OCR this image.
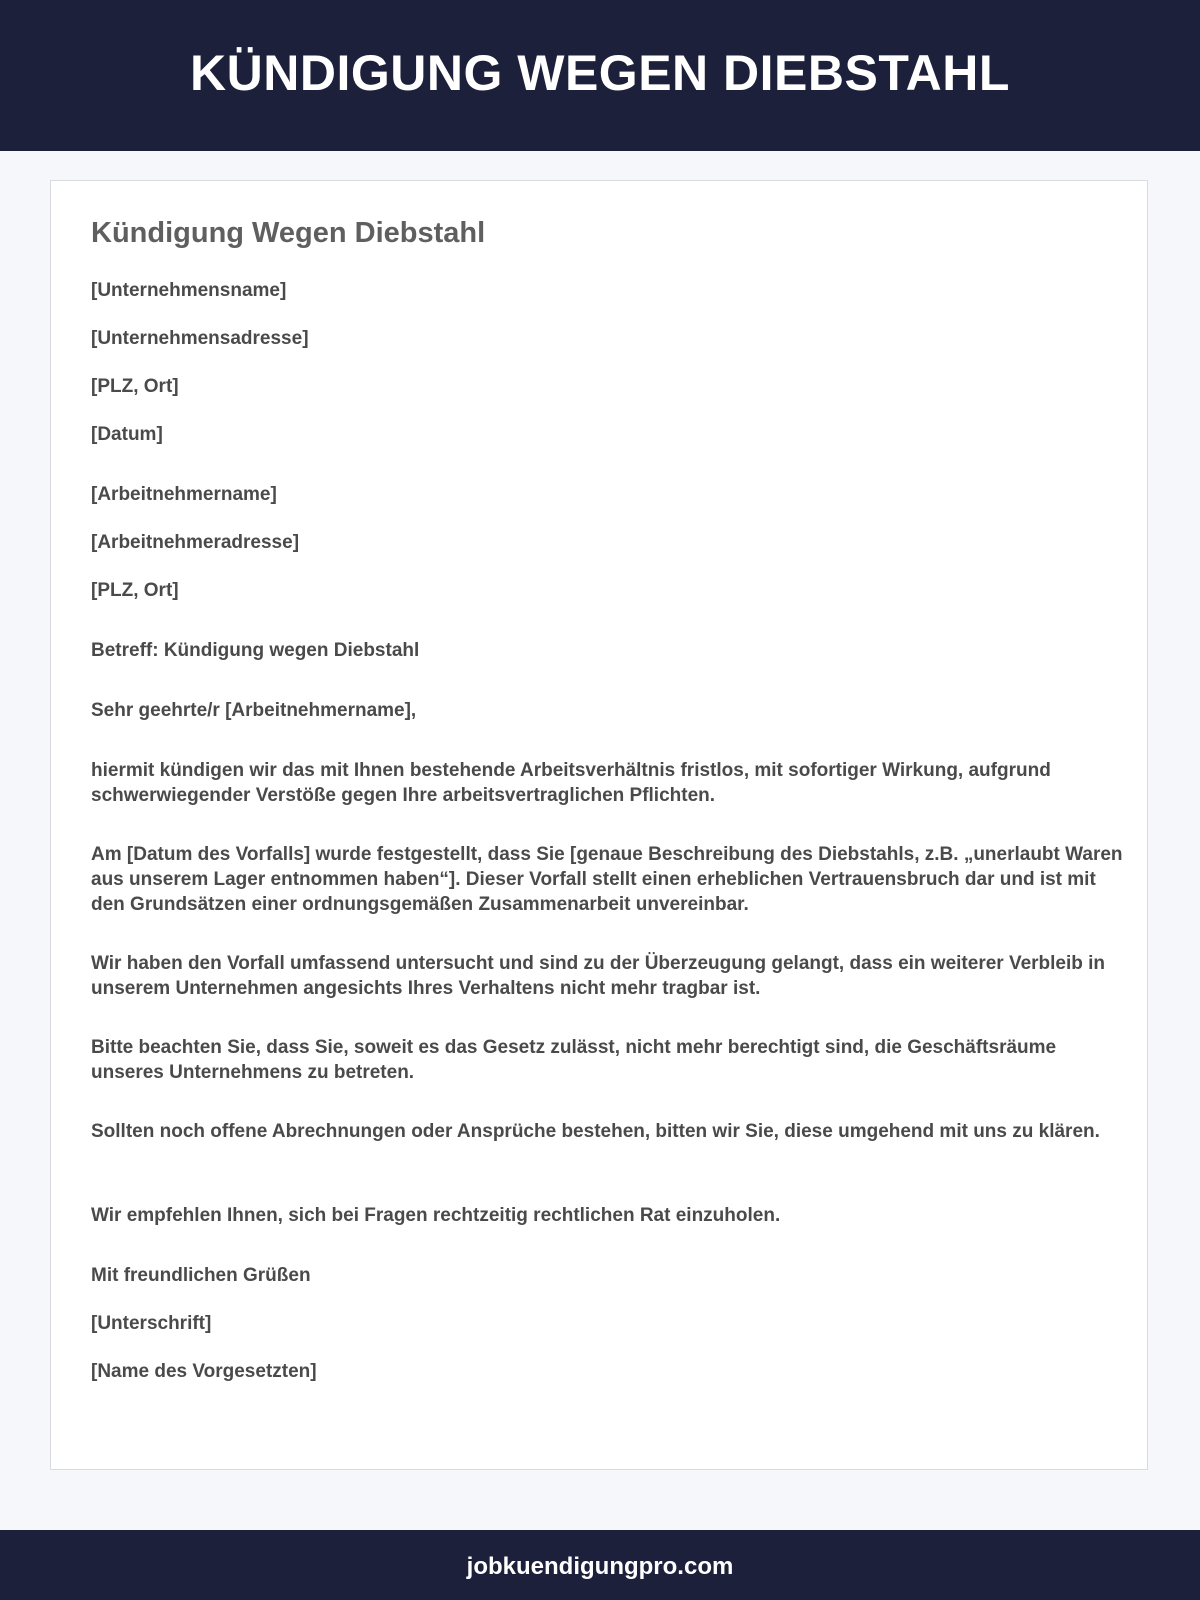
KÜNDIGUNG WEGEN DIEBSTAHL
Kündigung Wegen Diebstahl

[Unternehmensname]

[Unternehmensadresse]

[PLZ, Ort]

[Datum]

[Arbeitnehmername]

[Arbeitnehmeradresse]

[PLZ, Ort]

Betreff: Kündigung wegen Diebstahl

Sehr geehrte/r [Arbeitnehmername],

hiermit kündigen wir das mit Ihnen bestehende Arbeitsverhältnis fristlos, mit sofortiger Wirkung, aufgrund schwerwiegender Verstöße gegen Ihre arbeitsvertraglichen Pflichten.

Am [Datum des Vorfalls] wurde festgestellt, dass Sie [genaue Beschreibung des Diebstahls, z.B. „unerlaubt Waren aus unserem Lager entnommen haben“]. Dieser Vorfall stellt einen erheblichen Vertrauensbruch dar und ist mit den Grundsätzen einer ordnungsgemäßen Zusammenarbeit unvereinbar.

Wir haben den Vorfall umfassend untersucht und sind zu der Überzeugung gelangt, dass ein weiterer Verbleib in unserem Unternehmen angesichts Ihres Verhaltens nicht mehr tragbar ist.

Bitte beachten Sie, dass Sie, soweit es das Gesetz zulässt, nicht mehr berechtigt sind, die Geschäftsräume unseres Unternehmens zu betreten.

Sollten noch offene Abrechnungen oder Ansprüche bestehen, bitten wir Sie, diese umgehend mit uns zu klären.

Wir empfehlen Ihnen, sich bei Fragen rechtzeitig rechtlichen Rat einzuholen.

Mit freundlichen Grüßen

[Unterschrift]

[Name des Vorgesetzten]

jobkuendigungpro.com
